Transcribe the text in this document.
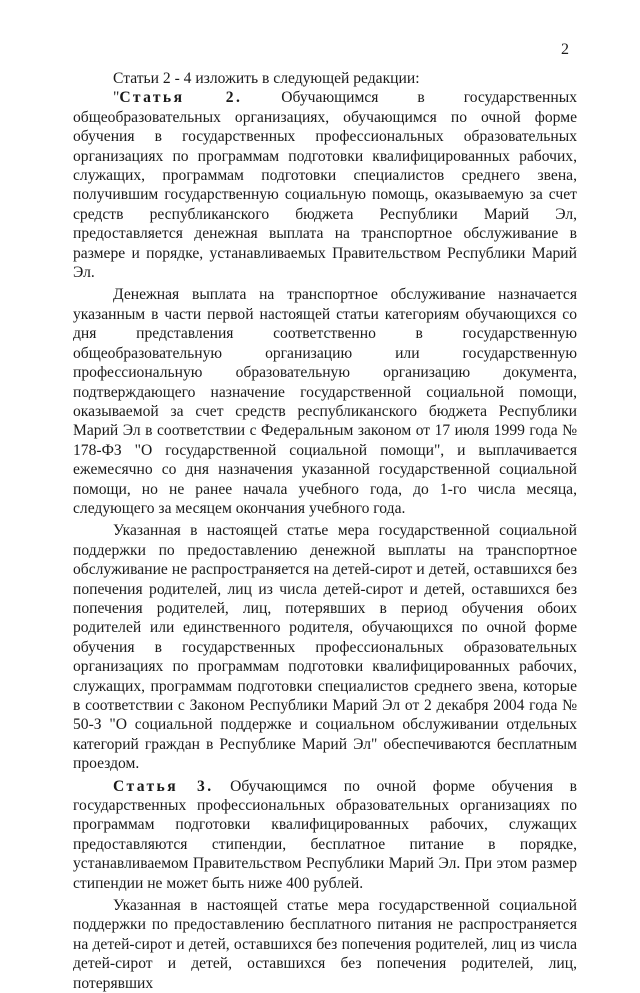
2

Статьи 2 - 4 изложить в следующей редакции:

"Статья 2. Обучающимся в государственных общеобразовательных организациях, обучающимся по очной форме обучения в государственных профессиональных образовательных организациях по программам подготовки квалифицированных рабочих, служащих, программам подготовки специалистов среднего звена, получившим государственную социальную помощь, оказываемую за счет средств республиканского бюджета Республики Марий Эл, предоставляется денежная выплата на транспортное обслуживание в размере и порядке, устанавливаемых Правительством Республики Марий Эл.

Денежная выплата на транспортное обслуживание назначается указанным в части первой настоящей статьи категориям обучающихся со дня представления соответственно в государственную общеобразовательную организацию или государственную профессиональную образовательную организацию документа, подтверждающего назначение государственной социальной помощи, оказываемой за счет средств республиканского бюджета Республики Марий Эл в соответствии с Федеральным законом от 17 июля 1999 года № 178-ФЗ "О государственной социальной помощи", и выплачивается ежемесячно со дня назначения указанной государственной социальной помощи, но не ранее начала учебного года, до 1-го числа месяца, следующего за месяцем окончания учебного года.

Указанная в настоящей статье мера государственной социальной поддержки по предоставлению денежной выплаты на транспортное обслуживание не распространяется на детей-сирот и детей, оставшихся без попечения родителей, лиц из числа детей-сирот и детей, оставшихся без попечения родителей, лиц, потерявших в период обучения обоих родителей или единственного родителя, обучающихся по очной форме обучения в государственных профессиональных образовательных организациях по программам подготовки квалифицированных рабочих, служащих, программам подготовки специалистов среднего звена, которые в соответствии с Законом Республики Марий Эл от 2 декабря 2004 года № 50-З "О социальной поддержке и социальном обслуживании отдельных категорий граждан в Республике Марий Эл" обеспечиваются бесплатным проездом.

Статья 3. Обучающимся по очной форме обучения в государственных профессиональных образовательных организациях по программам подготовки квалифицированных рабочих, служащих предоставляются стипендии, бесплатное питание в порядке, устанавливаемом Правительством Республики Марий Эл. При этом размер стипендии не может быть ниже 400 рублей.

Указанная в настоящей статье мера государственной социальной поддержки по предоставлению бесплатного питания не распространяется на детей-сирот и детей, оставшихся без попечения родителей, лиц из числа детей-сирот и детей, оставшихся без попечения родителей, лиц, потерявших
